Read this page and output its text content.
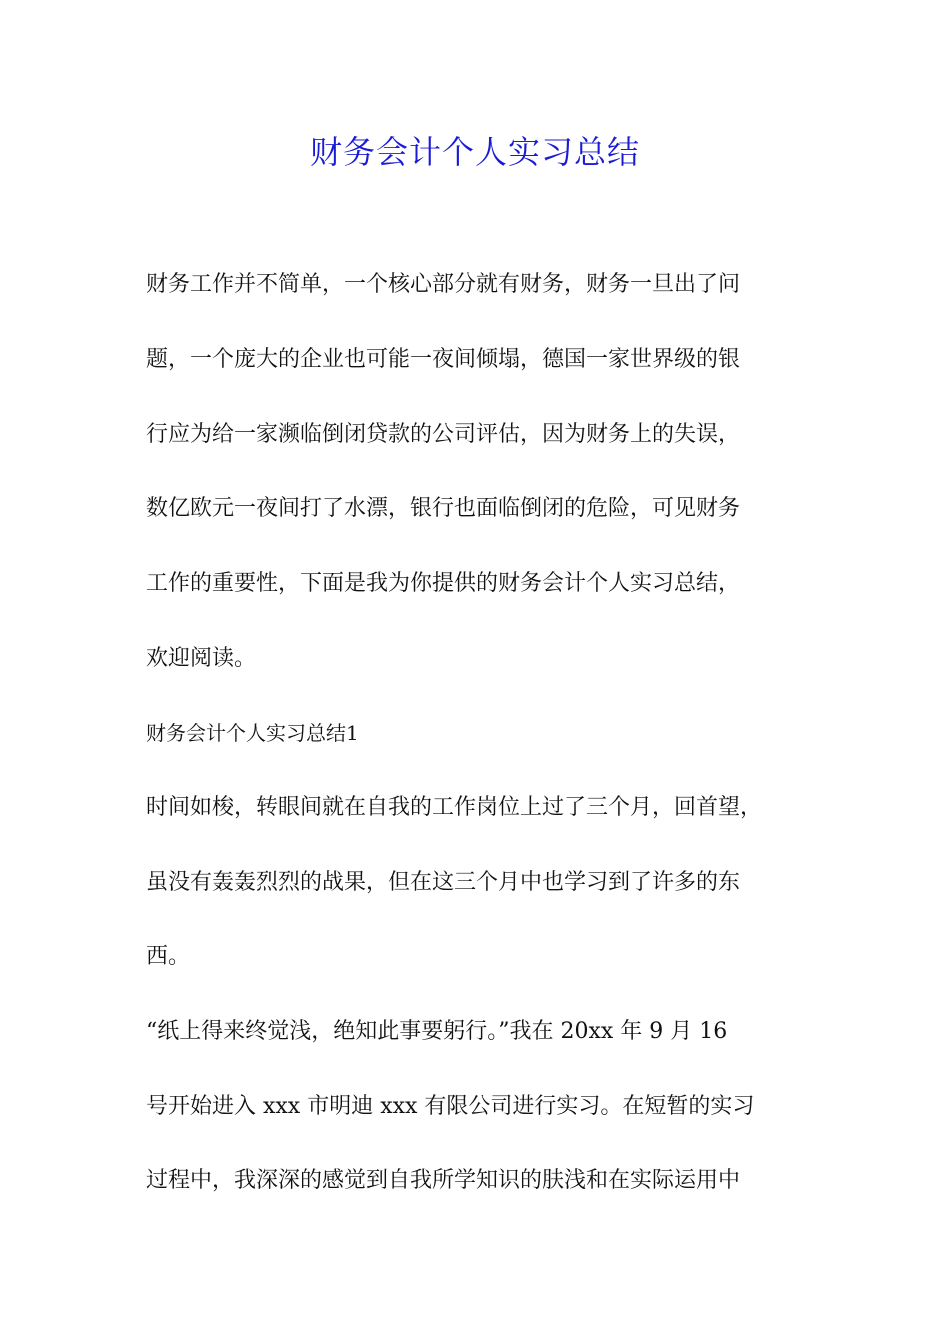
财务会计个人实习总结

财务工作并不简单，一个核心部分就有财务，财务一旦出了问

题，一个庞大的企业也可能一夜间倾塌，德国一家世界级的银

行应为给一家濒临倒闭贷款的公司评估，因为财务上的失误，

数亿欧元一夜间打了水漂，银行也面临倒闭的危险，可见财务

工作的重要性，下面是我为你提供的财务会计个人实习总结，

欢迎阅读。

财务会计个人实习总结1

时间如梭，转眼间就在自我的工作岗位上过了三个月，回首望，

虽没有轰轰烈烈的战果，但在这三个月中也学习到了许多的东

西。

“纸上得来终觉浅，绝知此事要躬行。”我在 20xx 年 9 月 16

号开始进入 xxx 市明迪 xxx 有限公司进行实习。在短暂的实习

过程中，我深深的感觉到自我所学知识的肤浅和在实际运用中
